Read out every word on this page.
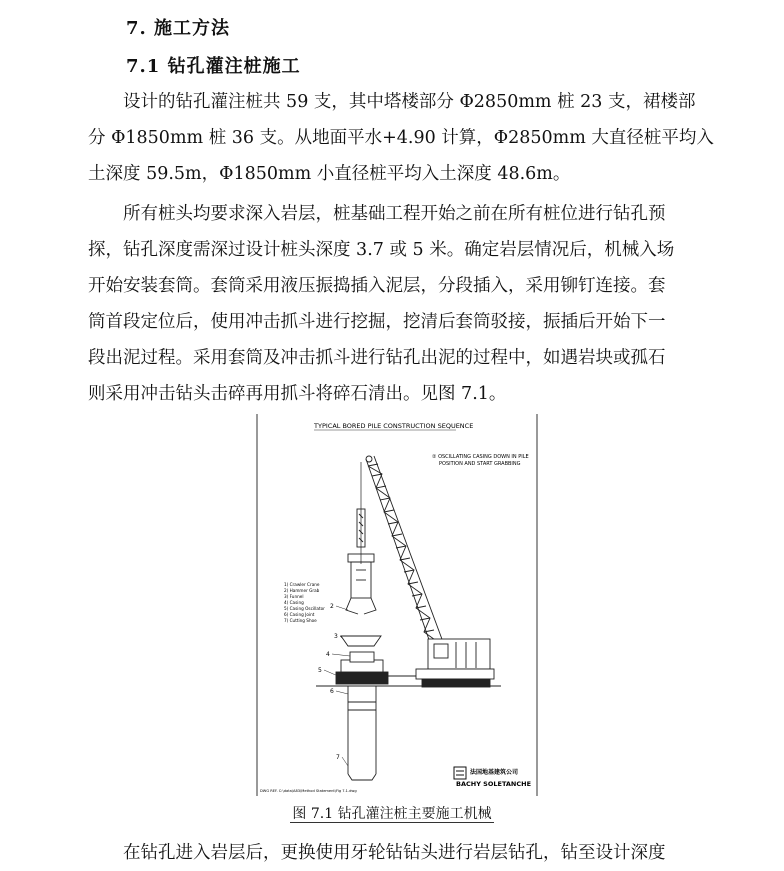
7. 施工方法
7.1 钻孔灌注桩施工
设计的钻孔灌注桩共 59 支，其中塔楼部分 Φ2850mm 桩 23 支，裙楼部
分 Φ1850mm 桩 36 支。从地面平水+4.90 计算，Φ2850mm 大直径桩平均入
土深度 59.5m，Φ1850mm 小直径桩平均入土深度 48.6m。
所有桩头均要求深入岩层，桩基础工程开始之前在所有桩位进行钻孔预
探，钻孔深度需深过设计桩头深度 3.7 或 5 米。确定岩层情况后，机械入场
开始安装套筒。套筒采用液压振捣插入泥层，分段插入，采用铆钉连接。套
筒首段定位后，使用冲击抓斗进行挖掘，挖清后套筒驳接，振插后开始下一
段出泥过程。采用套筒及冲击抓斗进行钻孔出泥的过程中，如遇岩块或孤石
则采用冲击钻头击碎再用抓斗将碎石清出。见图 7.1。
TYPICAL BORED PILE CONSTRUCTION SEQUENCE
② OSCILLATING CASING DOWN IN PILE
POSITION AND START GRABBING
1) Crawler Crane
2) Hammer Grab
3) Funnel
4) Casing
5) Casing Oscillator
6) Casing Joint
7) Cutting Shoe
2
3
4
5
6
7
DWG REF. C:\data\A83\Method Statement\Fig 7.1.dwg
法国地基建筑公司
BACHY SOLETANCHE
图 7.1 钻孔灌注桩主要施工机械
在钻孔进入岩层后，更换使用牙轮钻钻头进行岩层钻孔，钻至设计深度
